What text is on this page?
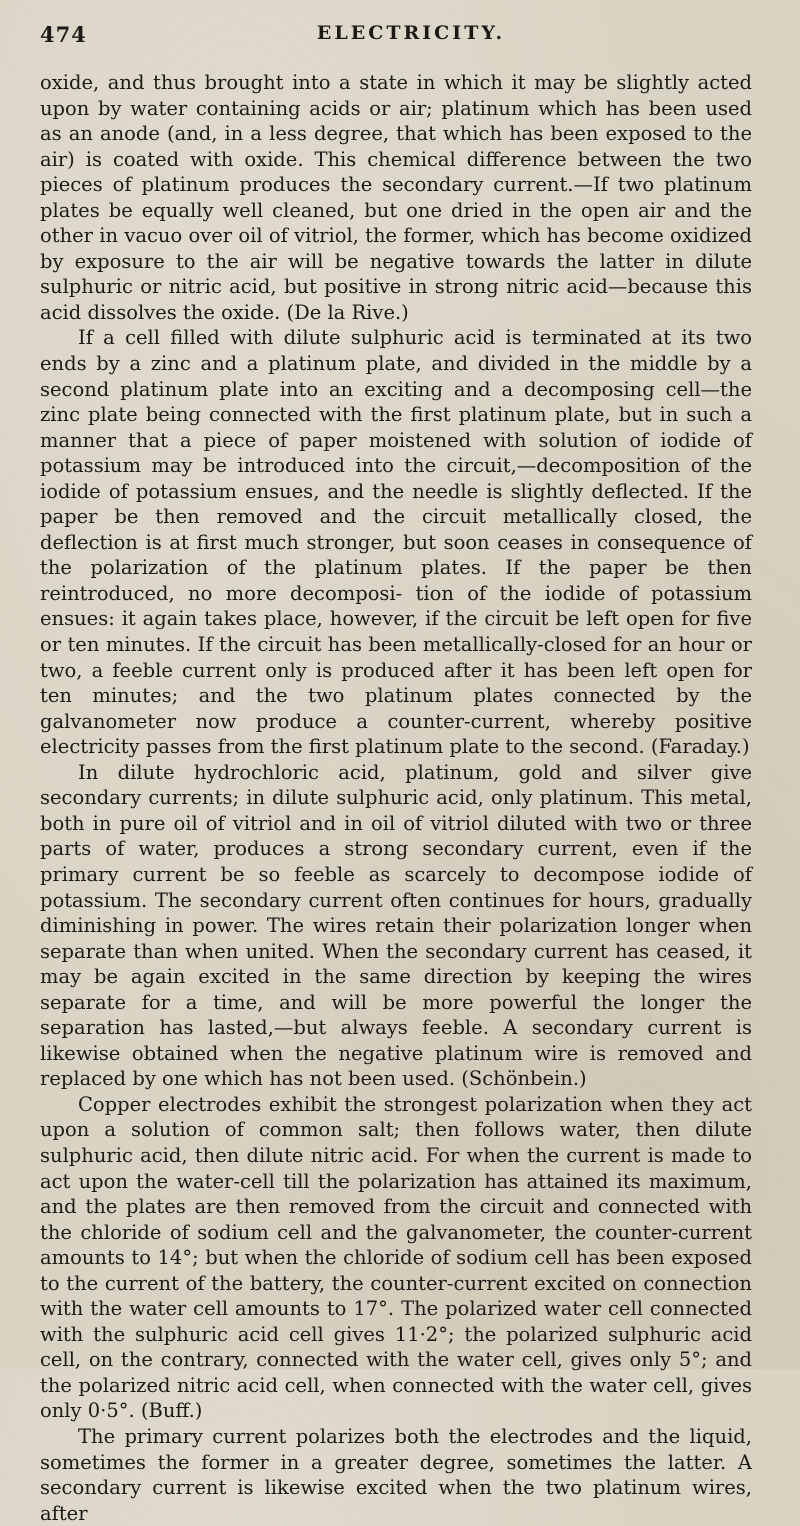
474	ELECTRICITY.

oxide, and thus brought into a state in which it may be slightly acted upon by water containing acids or air; platinum which has been used as an anode (and, in a less degree, that which has been exposed to the air) is coated with oxide. This chemical difference between the two pieces of platinum produces the secondary current.—If two platinum plates be equally well cleaned, but one dried in the open air and the other in vacuo over oil of vitriol, the former, which has become oxidized by exposure to the air will be negative towards the latter in dilute sulphuric or nitric acid, but positive in strong nitric acid—because this acid dissolves the oxide. (De la Rive.)

If a cell filled with dilute sulphuric acid is terminated at its two ends by a zinc and a platinum plate, and divided in the middle by a second platinum plate into an exciting and a decomposing cell—the zinc plate being connected with the first platinum plate, but in such a manner that a piece of paper moistened with solution of iodide of potassium may be introduced into the circuit,—decomposition of the iodide of potassium ensues, and the needle is slightly deflected. If the paper be then removed and the circuit metallically closed, the deflection is at first much stronger, but soon ceases in consequence of the polarization of the platinum plates. If the paper be then reintroduced, no more decomposi- tion of the iodide of potassium ensues: it again takes place, however, if the circuit be left open for five or ten minutes. If the circuit has been metallically-closed for an hour or two, a feeble current only is produced after it has been left open for ten minutes; and the two platinum plates connected by the galvanometer now produce a counter-current, whereby positive electricity passes from the first platinum plate to the second. (Faraday.)

In dilute hydrochloric acid, platinum, gold and silver give secondary currents; in dilute sulphuric acid, only platinum. This metal, both in pure oil of vitriol and in oil of vitriol diluted with two or three parts of water, produces a strong secondary current, even if the primary current be so feeble as scarcely to decompose iodide of potassium. The secondary current often continues for hours, gradually diminishing in power. The wires retain their polarization longer when separate than when united. When the secondary current has ceased, it may be again excited in the same direction by keeping the wires separate for a time, and will be more powerful the longer the separation has lasted,—but always feeble. A secondary current is likewise obtained when the negative platinum wire is removed and replaced by one which has not been used. (Schönbein.)

Copper electrodes exhibit the strongest polarization when they act upon a solution of common salt; then follows water, then dilute sulphuric acid, then dilute nitric acid. For when the current is made to act upon the water-cell till the polarization has attained its maximum, and the plates are then removed from the circuit and connected with the chloride of sodium cell and the galvanometer, the counter-current amounts to 14°; but when the chloride of sodium cell has been exposed to the current of the battery, the counter-current excited on connection with the water cell amounts to 17°. The polarized water cell connected with the sulphuric acid cell gives 11·2°; the polarized sulphuric acid cell, on the contrary, connected with the water cell, gives only 5°; and the polarized nitric acid cell, when connected with the water cell, gives only 0·5°. (Buff.)

The primary current polarizes both the electrodes and the liquid, sometimes the former in a greater degree, sometimes the latter. A secondary current is likewise excited when the two platinum wires, after
